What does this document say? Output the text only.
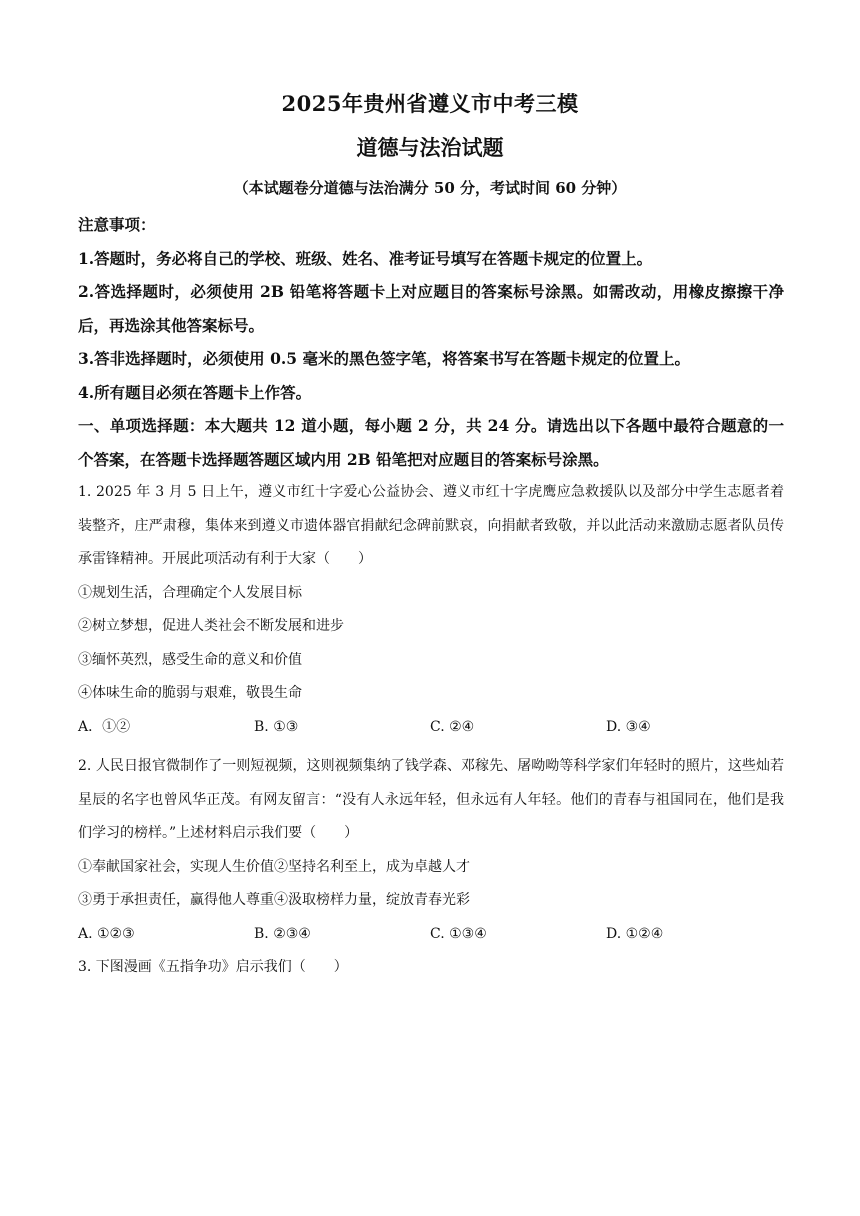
2025年贵州省遵义市中考三模
道德与法治试题
（本试题卷分道德与法治满分 50 分，考试时间 60 分钟）

注意事项：

1.答题时，务必将自己的学校、班级、姓名、准考证号填写在答题卡规定的位置上。

2.答选择题时，必须使用 2B 铅笔将答题卡上对应题目的答案标号涂黑。如需改动，用橡皮擦擦干净后，再选涂其他答案标号。

3.答非选择题时，必须使用 0.5 毫米的黑色签字笔，将答案书写在答题卡规定的位置上。

4.所有题目必须在答题卡上作答。

一、单项选择题：本大题共 12 道小题，每小题 2 分，共 24 分。请选出以下各题中最符合题意的一个答案，在答题卡选择题答题区域内用 2B 铅笔把对应题目的答案标号涂黑。

1. 2025 年 3 月 5 日上午，遵义市红十字爱心公益协会、遵义市红十字虎鹰应急救援队以及部分中学生志愿者着装整齐，庄严肃穆，集体来到遵义市遗体器官捐献纪念碑前默哀，向捐献者致敬，并以此活动来激励志愿者队员传承雷锋精神。开展此项活动有利于大家（　　）

①规划生活，合理确定个人发展目标

②树立梦想，促进人类社会不断发展和进步

③缅怀英烈，感受生命的意义和价值

④体味生命的脆弱与艰难，敬畏生命

A．①②	B. ①③	C. ②④	D. ③④

2. 人民日报官微制作了一则短视频，这则视频集纳了钱学森、邓稼先、屠呦呦等科学家们年轻时的照片，这些灿若星辰的名字也曾风华正茂。有网友留言：“没有人永远年轻，但永远有人年轻。他们的青春与祖国同在，他们是我们学习的榜样。”上述材料启示我们要（　　）

①奉献国家社会，实现人生价值②坚持名利至上，成为卓越人才

③勇于承担责任，赢得他人尊重④汲取榜样力量，绽放青春光彩

A. ①②③	B. ②③④	C. ①③④	D. ①②④

3. 下图漫画《五指争功》启示我们（　　）
